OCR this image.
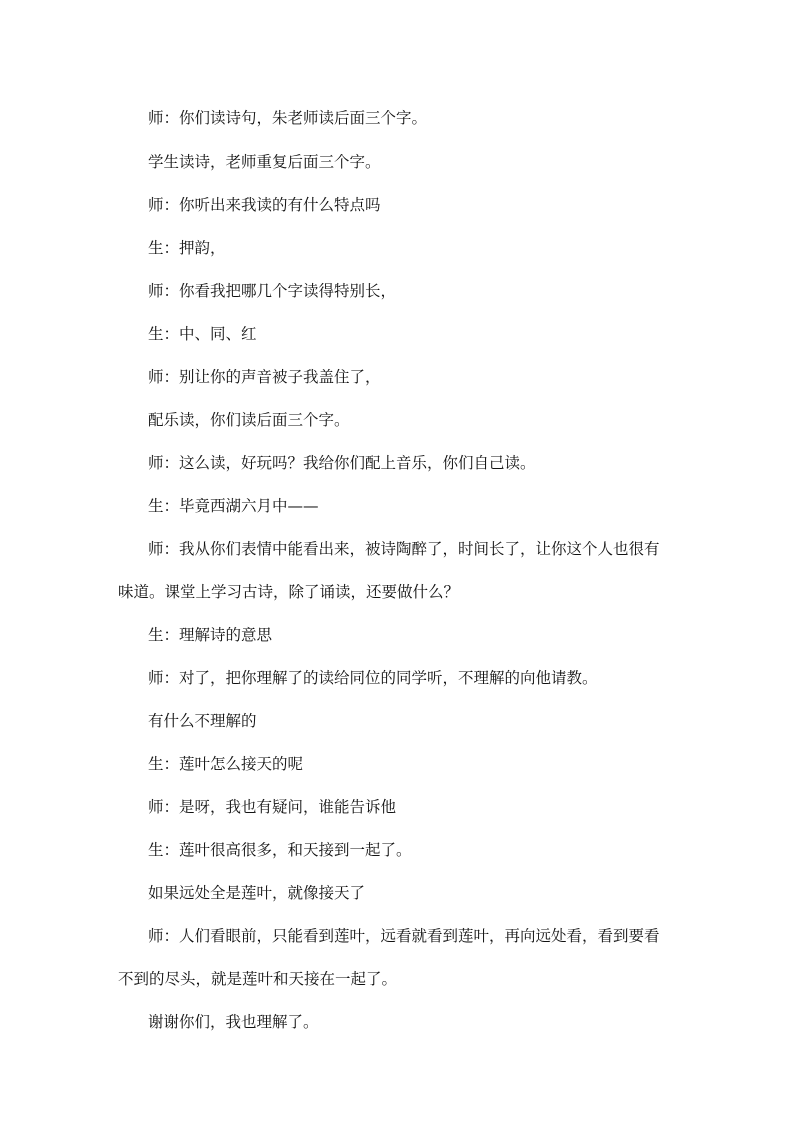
师：你们读诗句，朱老师读后面三个字。
学生读诗，老师重复后面三个字。
师：你听出来我读的有什么特点吗
生：押韵，
师：你看我把哪几个字读得特别长，
生：中、同、红
师：别让你的声音被子我盖住了，
配乐读，你们读后面三个字。
师：这么读，好玩吗？我给你们配上音乐，你们自己读。
生：毕竟西湖六月中——
师：我从你们表情中能看出来，被诗陶醉了，时间长了，让你这个人也很有
味道。课堂上学习古诗，除了诵读，还要做什么？
生：理解诗的意思
师：对了，把你理解了的读给同位的同学听，不理解的向他请教。
有什么不理解的
生：莲叶怎么接天的呢
师：是呀，我也有疑问，谁能告诉他
生：莲叶很高很多，和天接到一起了。
如果远处全是莲叶，就像接天了
师：人们看眼前，只能看到莲叶，远看就看到莲叶，再向远处看，看到要看
不到的尽头，就是莲叶和天接在一起了。
谢谢你们，我也理解了。
